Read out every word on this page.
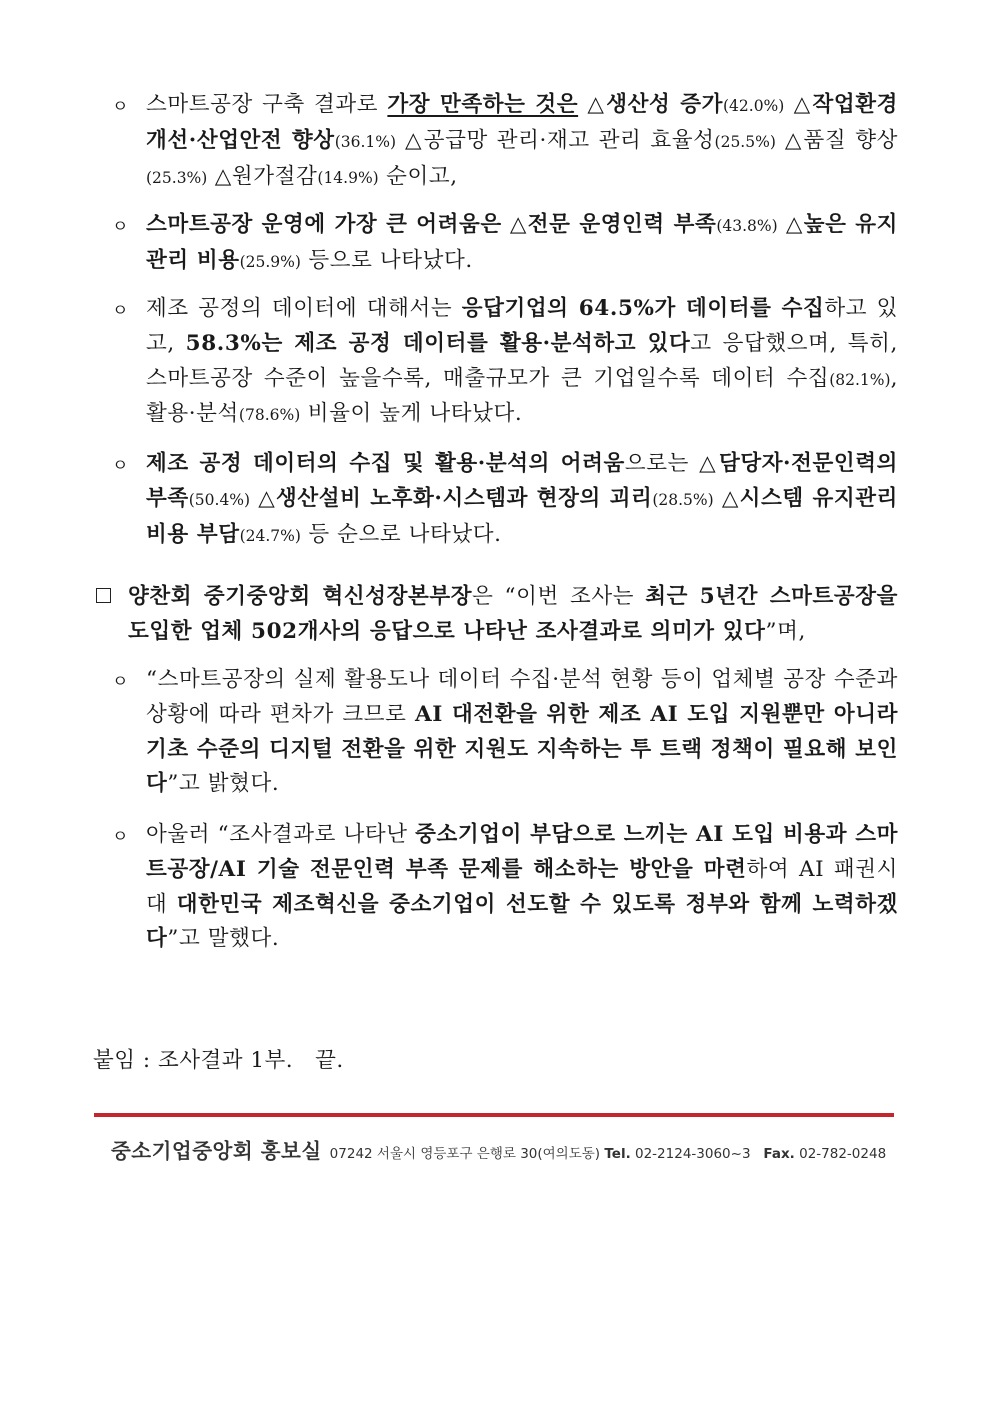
ㅇ 스마트공장 구축 결과로 가장 만족하는 것은 △생산성 증가(42.0%) △작업환경 개선·산업안전 향상(36.1%) △공급망 관리·재고 관리 효율성(25.5%) △품질 향상(25.3%) △원가절감(14.9%) 순이고,
ㅇ 스마트공장 운영에 가장 큰 어려움은 △전문 운영인력 부족(43.8%) △높은 유지관리 비용(25.9%) 등으로 나타났다.
ㅇ 제조 공정의 데이터에 대해서는 응답기업의 64.5%가 데이터를 수집하고 있고, 58.3%는 제조 공정 데이터를 활용·분석하고 있다고 응답했으며, 특히, 스마트공장 수준이 높을수록, 매출규모가 큰 기업일수록 데이터 수집(82.1%), 활용·분석(78.6%) 비율이 높게 나타났다.
ㅇ 제조 공정 데이터의 수집 및 활용·분석의 어려움으로는 △담당자·전문인력의 부족(50.4%) △생산설비 노후화·시스템과 현장의 괴리(28.5%) △시스템 유지관리 비용 부담(24.7%) 등 순으로 나타났다.
양찬회 중기중앙회 혁신성장본부장은 “이번 조사는 최근 5년간 스마트공장을 도입한 업체 502개사의 응답으로 나타난 조사결과로 의미가 있다”며,
ㅇ “스마트공장의 실제 활용도나 데이터 수집·분석 현황 등이 업체별 공장 수준과 상황에 따라 편차가 크므로 AI 대전환을 위한 제조 AI 도입 지원뿐만 아니라 기초 수준의 디지털 전환을 위한 지원도 지속하는 투 트랙 정책이 필요해 보인다”고 밝혔다.
ㅇ 아울러 “조사결과로 나타난 중소기업이 부담으로 느끼는 AI 도입 비용과 스마트공장/AI 기술 전문인력 부족 문제를 해소하는 방안을 마련하여 AI 패권시대 대한민국 제조혁신을 중소기업이 선도할 수 있도록 정부와 함께 노력하겠다”고 말했다.
붙임 : 조사결과 1부.   끝.
중소기업중앙회 홍보실 07242 서울시 영등포구 은행로 30(여의도동) Tel. 02-2124-3060~3 Fax. 02-782-0248
